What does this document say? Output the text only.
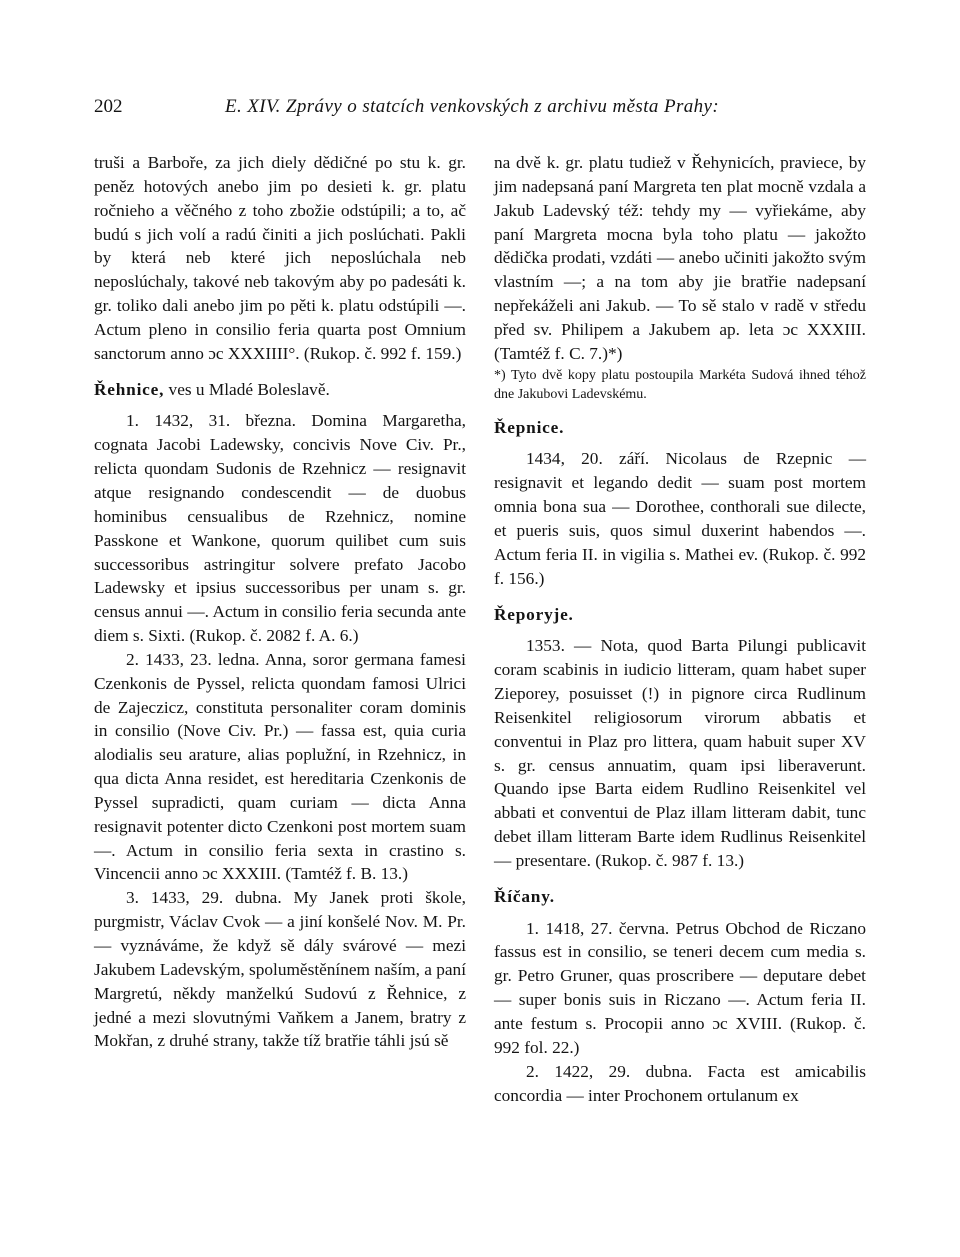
202	E. XIV. Zprávy o statcích venkovských z archivu města Prahy:

truši a Barboře, za jich diely dědičné po stu k. gr. peněz hotových anebo jim po desieti k. gr. platu ročnieho a věčného z toho zbožie odstúpili; a to, ač budú s jich volí a radú činiti a jich poslúchati. Pakli by která neb které jich neposlúchala neb neposlúchaly, takové neb takovým aby po padesáti k. gr. toliko dali anebo jim po pěti k. platu odstúpili —. Actum pleno in consilio feria quarta post Omnium sanctorum anno ɔc XXXIIII°. (Rukop. č. 992 f. 159.)

Řehnice, ves u Mladé Boleslavě.

1. 1432, 31. března. Domina Margaretha, cognata Jacobi Ladewsky, concivis Nove Civ. Pr., relicta quondam Sudonis de Rzehnicz — resignavit atque resignando condescendit — de duobus hominibus censualibus de Rzehnicz, nomine Passkone et Wankone, quorum quilibet cum suis successoribus astringitur solvere prefato Jacobo Ladewsky et ipsius successoribus per unam s. gr. census annui —. Actum in consilio feria secunda ante diem s. Sixti. (Rukop. č. 2082 f. A. 6.)

2. 1433, 23. ledna. Anna, soror germana famesi Czenkonis de Pyssel, relicta quondam famosi Ulrici de Zajeczicz, constituta personaliter coram dominis in consilio (Nove Civ. Pr.) — fassa est, quia curia alodialis seu arature, alias poplužní, in Rzehnicz, in qua dicta Anna residet, est hereditaria Czenkonis de Pyssel supradicti, quam curiam — dicta Anna resignavit potenter dicto Czenkoni post mortem suam —. Actum in consilio feria sexta in crastino s. Vincencii anno ɔc XXXIII. (Tamtéž f. B. 13.)

3. 1433, 29. dubna. My Janek proti škole, purgmistr, Václav Cvok — a jiní konšelé Nov. M. Pr. — vyznáváme, že když sě dály svárové — mezi Jakubem Ladevským, spoluměstěnínem naším, a paní Margretú, někdy manželkú Sudovú z Řehnice, z jedné a mezi slovutnými Vaňkem a Janem, bratry z Mokřan, z druhé strany, takže tíž bratřie táhli jsú sě

na dvě k. gr. platu tudiež v Řehynicích, praviece, by jim nadepsaná paní Margreta ten plat mocně vzdala a Jakub Ladevský též: tehdy my — vyřiekáme, aby paní Margreta mocna byla toho platu — jakožto dědička prodati, vzdáti — anebo učiniti jakožto svým vlastním —; a na tom aby jie bratřie nadepsaní nepřekáželi ani Jakub. — To sě stalo v radě v středu před sv. Philipem a Jakubem ap. leta ɔc XXXIII. (Tamtéž f. C. 7.)*)

*) Tyto dvě kopy platu postoupila Markéta Sudová ihned téhož dne Jakubovi Ladevskému.

Řepnice.

1434, 20. září. Nicolaus de Rzepnic — resignavit et legando dedit — suam post mortem omnia bona sua — Dorothee, conthorali sue dilecte, et pueris suis, quos simul duxerint habendos —. Actum feria II. in vigilia s. Mathei ev. (Rukop. č. 992 f. 156.)

Řeporyje.

1353. — Nota, quod Barta Pilungi publicavit coram scabinis in iudicio litteram, quam habet super Zieporey, posuisset (!) in pignore circa Rudlinum Reisenkitel religiosorum virorum abbatis et conventui in Plaz pro littera, quam habuit super XV s. gr. census annuatim, quam ipsi liberaverunt. Quando ipse Barta eidem Rudlino Reisenkitel vel abbati et conventui de Plaz illam litteram dabit, tunc debet illam litteram Barte idem Rudlinus Reisenkitel — presentare. (Rukop. č. 987 f. 13.)

Říčany.

1. 1418, 27. června. Petrus Obchod de Riczano fassus est in consilio, se teneri decem cum media s. gr. Petro Gruner, quas proscribere — deputare debet — super bonis suis in Riczano —. Actum feria II. ante festum s. Procopii anno ɔc XVIII. (Rukop. č. 992 fol. 22.)

2. 1422, 29. dubna. Facta est amicabilis concordia — inter Prochonem ortulanum ex
